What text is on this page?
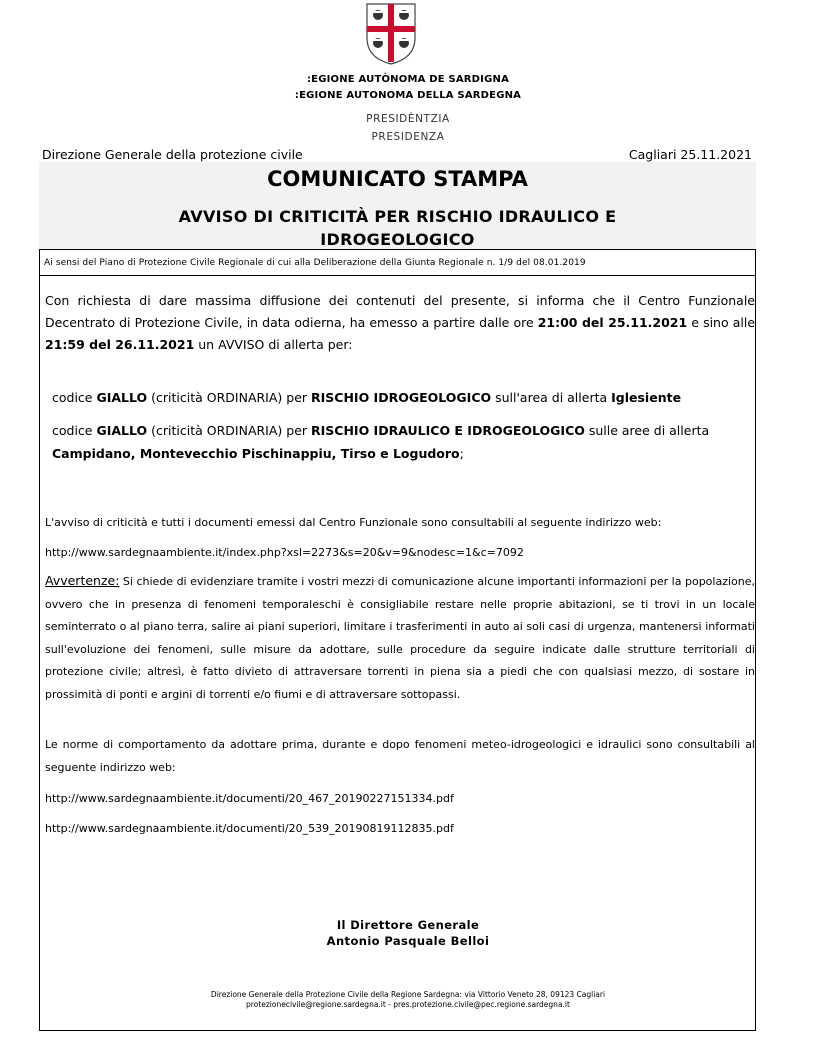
:EGIONE AUTÒNOMA DE SARDIGNA
:EGIONE AUTONOMA DELLA SARDEGNA
PRESIDÈNTZIA
PRESIDENZA
Direzione Generale della protezione civile	Cagliari 25.11.2021
COMUNICATO STAMPA
AVVISO DI CRITICITÀ PER RISCHIO IDRAULICO E IDROGEOLOGICO
Ai sensi del Piano di Protezione Civile Regionale di cui alla Deliberazione della Giunta Regionale n. 1/9 del 08.01.2019
Con richiesta di dare massima diffusione dei contenuti del presente, si informa che il Centro Funzionale Decentrato di Protezione Civile, in data odierna, ha emesso a partire dalle ore 21:00 del 25.11.2021 e sino alle 21:59 del 26.11.2021 un AVVISO di allerta per:
codice GIALLO (criticità ORDINARIA) per RISCHIO IDROGEOLOGICO sull'area di allerta Iglesiente
codice GIALLO (criticità ORDINARIA) per RISCHIO IDRAULICO E IDROGEOLOGICO sulle aree di allerta Campidano, Montevecchio Pischinappiu, Tirso e Logudoro;
L'avviso di criticità e tutti i documenti emessi dal Centro Funzionale sono consultabili al seguente indirizzo web:
http://www.sardegnaambiente.it/index.php?xsl=2273&s=20&v=9&nodesc=1&c=7092
Avvertenze: Si chiede di evidenziare tramite i vostri mezzi di comunicazione alcune importanti informazioni per la popolazione, ovvero che in presenza di fenomeni temporaleschi è consigliabile restare nelle proprie abitazioni, se ti trovi in un locale seminterrato o al piano terra, salire ai piani superiori, limitare i trasferimenti in auto ai soli casi di urgenza, mantenersi informati sull'evoluzione dei fenomeni, sulle misure da adottare, sulle procedure da seguire indicate dalle strutture territoriali di protezione civile; altresì, è fatto divieto di attraversare torrenti in piena sia a piedi che con qualsiasi mezzo, di sostare in prossimità di ponti e argini di torrenti e/o fiumi e di attraversare sottopassi.
Le norme di comportamento da adottare prima, durante e dopo fenomeni meteo-idrogeologici e idraulici sono consultabili al seguente indirizzo web:
http://www.sardegnaambiente.it/documenti/20_467_20190227151334.pdf
http://www.sardegnaambiente.it/documenti/20_539_20190819112835.pdf
Il Direttore Generale
Antonio Pasquale Belloi
Direzione Generale della Protezione Civile della Regione Sardegna: via Vittorio Veneto 28, 09123 Cagliari
protezionecivile@regione.sardegna.it - pres.protezione.civile@pec.regione.sardegna.it
